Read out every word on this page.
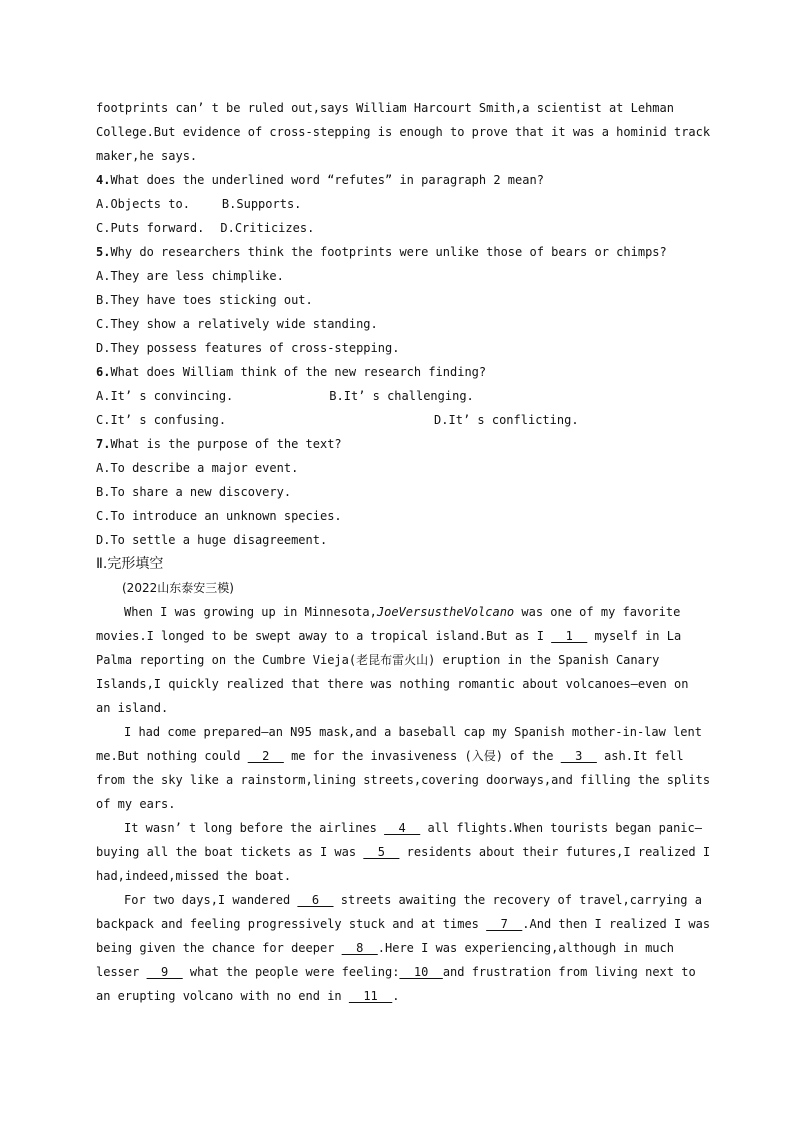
footprints can’ t be ruled out,says William Harcourt Smith,a scientist at Lehman
College.But evidence of cross-stepping is enough to prove that it was a hominid track
maker,he says.
4.What does the underlined word “refutes” in paragraph 2 mean?
A.Objects to.	B.Supports.
C.Puts forward. D.Criticizes.
5.Why do researchers think the footprints were unlike those of bears or chimps?
A.They are less chimplike.
B.They have toes sticking out.
C.They show a relatively wide standing.
D.They possess features of cross-stepping.
6.What does William think of the new research finding?
A.It’ s convincing.	B.It’ s challenging.
C.It’ s confusing.	D.It’ s conflicting.
7.What is the purpose of the text?
A.To describe a major event.
B.To share a new discovery.
C.To introduce an unknown species.
D.To settle a huge disagreement.
Ⅱ.完形填空
(2022山东泰安三模)
When I was growing up in Minnesota,JoeVersustheVolcano was one of my favorite
movies.I longed to be swept away to a tropical island.But as I   1   myself in La
Palma reporting on the Cumbre Vieja(老昆布雷火山) eruption in the Spanish Canary
Islands,I quickly realized that there was nothing romantic about volcanoes—even on
an island.
I had come prepared—an N95 mask,and a baseball cap my Spanish mother-in-law lent
me.But nothing could   2   me for the invasiveness (入侵) of the   3   ash.It fell
from the sky like a rainstorm,lining streets,covering doorways,and filling the splits
of my ears.
It wasn’ t long before the airlines   4   all flights.When tourists began panic—
buying all the boat tickets as I was   5   residents about their futures,I realized I
had,indeed,missed the boat.
For two days,I wandered   6   streets awaiting the recovery of travel,carrying a
backpack and feeling progressively stuck and at times   7  .And then I realized I was
being given the chance for deeper   8  .Here I was experiencing,although in much
lesser   9   what the people were feeling:  10  and frustration from living next to
an erupting volcano with no end in   11  .
